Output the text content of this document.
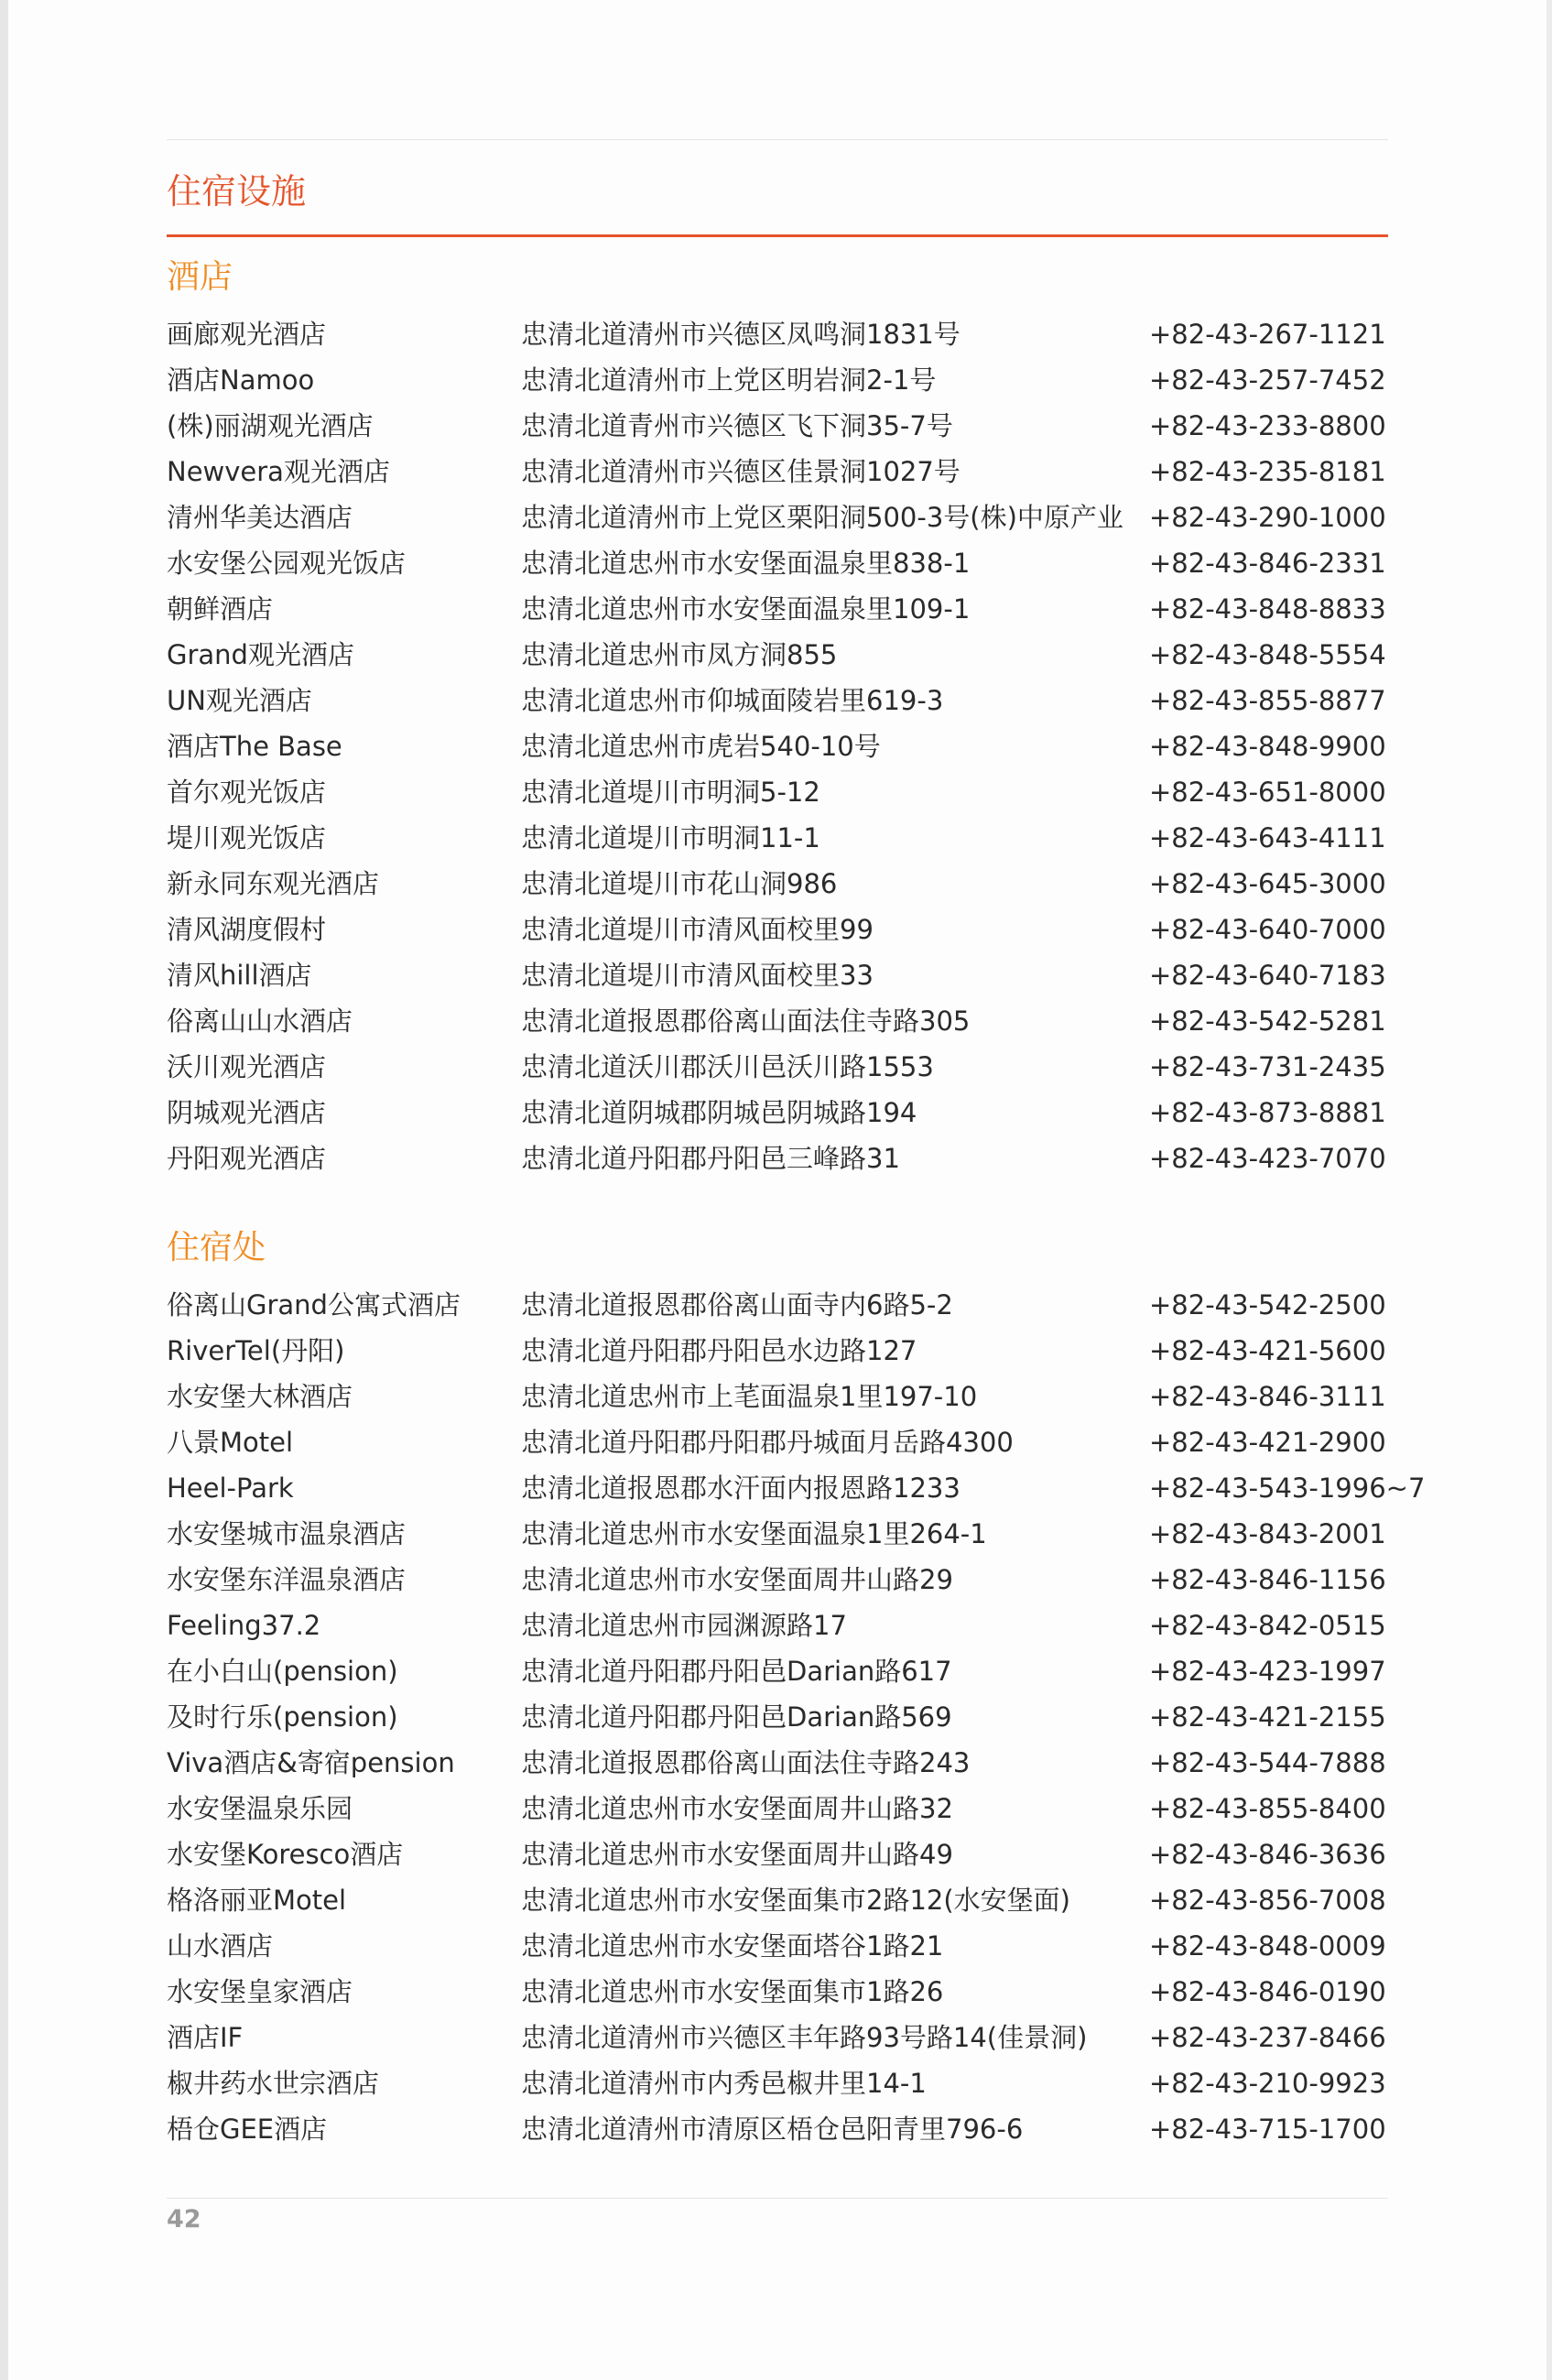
住宿设施
酒店
画廊观光酒店	忠清北道清州市兴德区凤鸣洞1831号	+82-43-267-1121
酒店Namoo	忠清北道清州市上党区明岩洞2-1号	+82-43-257-7452
(株)丽湖观光酒店	忠清北道青州市兴德区飞下洞35-7号	+82-43-233-8800
Newvera观光酒店	忠清北道清州市兴德区佳景洞1027号	+82-43-235-8181
清州华美达酒店	忠清北道清州市上党区栗阳洞500-3号(株)中原产业 +82-43-290-1000
水安堡公园观光饭店	忠清北道忠州市水安堡面温泉里838-1	+82-43-846-2331
朝鲜酒店	忠清北道忠州市水安堡面温泉里109-1	+82-43-848-8833
Grand观光酒店	忠清北道忠州市凤方洞855	+82-43-848-5554
UN观光酒店	忠清北道忠州市仰城面陵岩里619-3	+82-43-855-8877
酒店The Base	忠清北道忠州市虎岩540-10号	+82-43-848-9900
首尔观光饭店	忠清北道堤川市明洞5-12	+82-43-651-8000
堤川观光饭店	忠清北道堤川市明洞11-1	+82-43-643-4111
新永同东观光酒店	忠清北道堤川市花山洞986	+82-43-645-3000
清风湖度假村	忠清北道堤川市清风面校里99	+82-43-640-7000
清风hill酒店	忠清北道堤川市清风面校里33	+82-43-640-7183
俗离山山水酒店	忠清北道报恩郡俗离山面法住寺路305	+82-43-542-5281
沃川观光酒店	忠清北道沃川郡沃川邑沃川路1553	+82-43-731-2435
阴城观光酒店	忠清北道阴城郡阴城邑阴城路194	+82-43-873-8881
丹阳观光酒店	忠清北道丹阳郡丹阳邑三峰路31	+82-43-423-7070
住宿处
俗离山Grand公寓式酒店 忠清北道报恩郡俗离山面寺内6路5-2	+82-43-542-2500
RiverTel(丹阳)	忠清北道丹阳郡丹阳邑水边路127	+82-43-421-5600
水安堡大林酒店	忠清北道忠州市上芼面温泉1里197-10	+82-43-846-3111
八景Motel	忠清北道丹阳郡丹阳郡丹城面月岳路4300	+82-43-421-2900
Heel-Park	忠清北道报恩郡水汗面内报恩路1233	+82-43-543-1996~7
水安堡城市温泉酒店	忠清北道忠州市水安堡面温泉1里264-1	+82-43-843-2001
水安堡东洋温泉酒店	忠清北道忠州市水安堡面周井山路29	+82-43-846-1156
Feeling37.2	忠清北道忠州市园渊源路17	+82-43-842-0515
在小白山(pension)	忠清北道丹阳郡丹阳邑Darian路617	+82-43-423-1997
及时行乐(pension)	忠清北道丹阳郡丹阳邑Darian路569	+82-43-421-2155
Viva酒店&寄宿pension 忠清北道报恩郡俗离山面法住寺路243	+82-43-544-7888
水安堡温泉乐园	忠清北道忠州市水安堡面周井山路32	+82-43-855-8400
水安堡Koresco酒店	忠清北道忠州市水安堡面周井山路49	+82-43-846-3636
格洛丽亚Motel	忠清北道忠州市水安堡面集市2路12(水安堡面)	+82-43-856-7008
山水酒店	忠清北道忠州市水安堡面塔谷1路21	+82-43-848-0009
水安堡皇家酒店	忠清北道忠州市水安堡面集市1路26	+82-43-846-0190
酒店IF	忠清北道清州市兴德区丰年路93号路14(佳景洞) +82-43-237-8466
椒井药水世宗酒店	忠清北道清州市内秀邑椒井里14-1	+82-43-210-9923
梧仓GEE酒店	忠清北道清州市清原区梧仓邑阳青里796-6	+82-43-715-1700
42
